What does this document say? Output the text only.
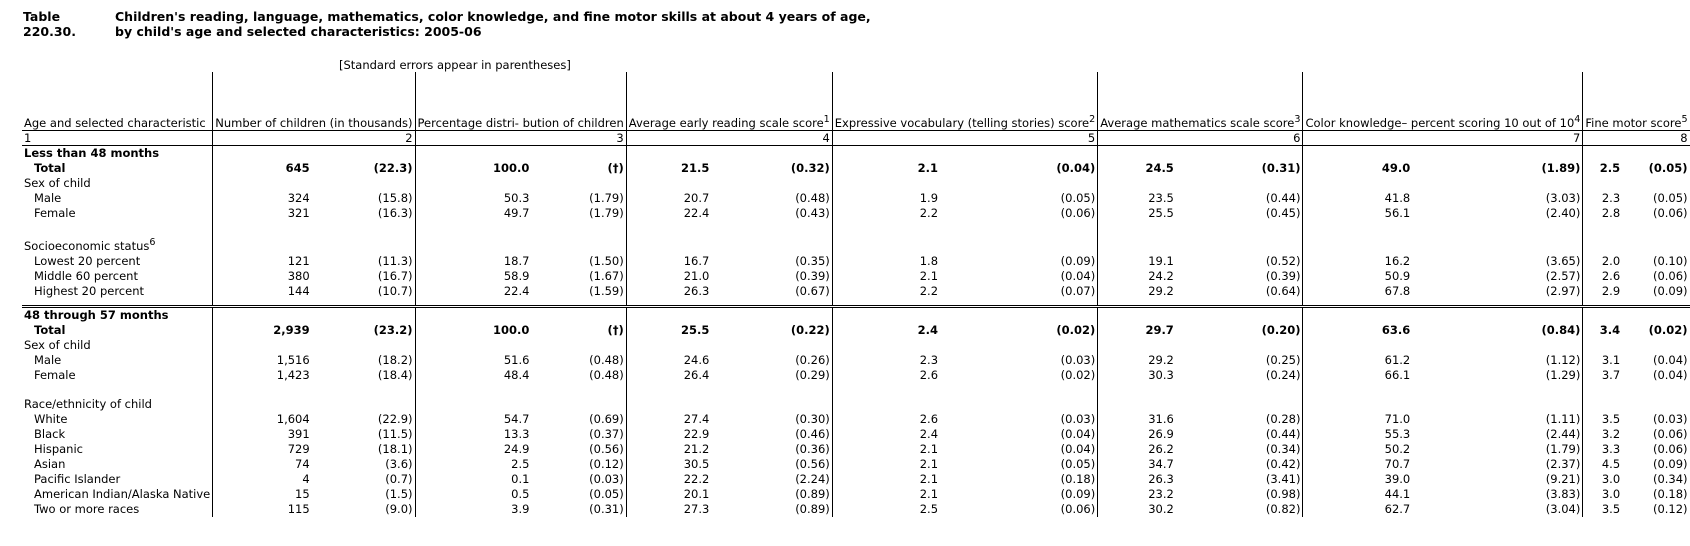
Table 220.30.
Children's reading, language, mathematics, color knowledge, and fine motor skills at about 4 years of age, by child's age and selected characteristics: 2005-06
[Standard errors appear in parentheses]
Age and selected characteristic	Number of children (in thousands)		Percentage distri- bution of children		Average early reading scale score$^1$		Expressive vocabulary (telling stories) score$^2$		Average mathematics scale score$^3$		Color knowledge– percent scoring 10 out of $10^4$		Fine motor score$^5$
1	2		3		4		5		6		7		8	
Less than 48 months														
Total	645	(22.3)	100.0	(†)	21.5	(0.32)	2.1	(0.04)	24.5	(0.31)	49.0	(1.89)	2.5	(0.05)
Sex of child														
Male	324	(15.8)	50.3	(1.79)	20.7	(0.48)	1.9	(0.05)	23.5	(0.44)	41.8	(3.03)	2.3	(0.05)
Female	321	(16.3)	49.7	(1.79)	22.4	(0.43)	2.2	(0.06)	25.5	(0.45)	56.1	(2.40)	2.8	(0.06)

Socioeconomic status$^6$														
Lowest 20 percent	121	(11.3)	18.7	(1.50)	16.7	(0.35)	1.8	(0.09)	19.1	(0.52)	16.2	(3.65)	2.0	(0.10)
Middle 60 percent	380	(16.7)	58.9	(1.67)	21.0	(0.39)	2.1	(0.04)	24.2	(0.39)	50.9	(2.57)	2.6	(0.06)
Highest 20 percent	144	(10.7)	22.4	(1.59)	26.3	(0.67)	2.2	(0.07)	29.2	(0.64)	67.8	(2.97)	2.9	(0.09)

48 through 57 months														
Total	2,939	(23.2)	100.0	(†)	25.5	(0.22)	2.4	(0.02)	29.7	(0.20)	63.6	(0.84)	3.4	(0.02)
Sex of child														
Male	1,516	(18.2)	51.6	(0.48)	24.6	(0.26)	2.3	(0.03)	29.2	(0.25)	61.2	(1.12)	3.1	(0.04)
Female	1,423	(18.4)	48.4	(0.48)	26.4	(0.29)	2.6	(0.02)	30.3	(0.24)	66.1	(1.29)	3.7	(0.04)

Race/ethnicity of child														
White	1,604	(22.9)	54.7	(0.69)	27.4	(0.30)	2.6	(0.03)	31.6	(0.28)	71.0	(1.11)	3.5	(0.03)
Black	391	(11.5)	13.3	(0.37)	22.9	(0.46)	2.4	(0.04)	26.9	(0.44)	55.3	(2.44)	3.2	(0.06)
Hispanic	729	(18.1)	24.9	(0.56)	21.2	(0.36)	2.1	(0.04)	26.2	(0.34)	50.2	(1.79)	3.3	(0.06)
Asian	74	(3.6)	2.5	(0.12)	30.5	(0.56)	2.1	(0.05)	34.7	(0.42)	70.7	(2.37)	4.5	(0.09)
Pacific Islander	4	(0.7)	0.1	(0.03)	22.2	(2.24)	2.1	(0.18)	26.3	(3.41)	39.0	(9.21)	3.0	(0.34)
American Indian/Alaska Native	15	(1.5)	0.5	(0.05)	20.1	(0.89)	2.1	(0.09)	23.2	(0.98)	44.1	(3.83)	3.0	(0.18)
Two or more races	115	(9.0)	3.9	(0.31)	27.3	(0.89)	2.5	(0.06)	30.2	(0.82)	62.7	(3.04)	3.5	(0.12)
